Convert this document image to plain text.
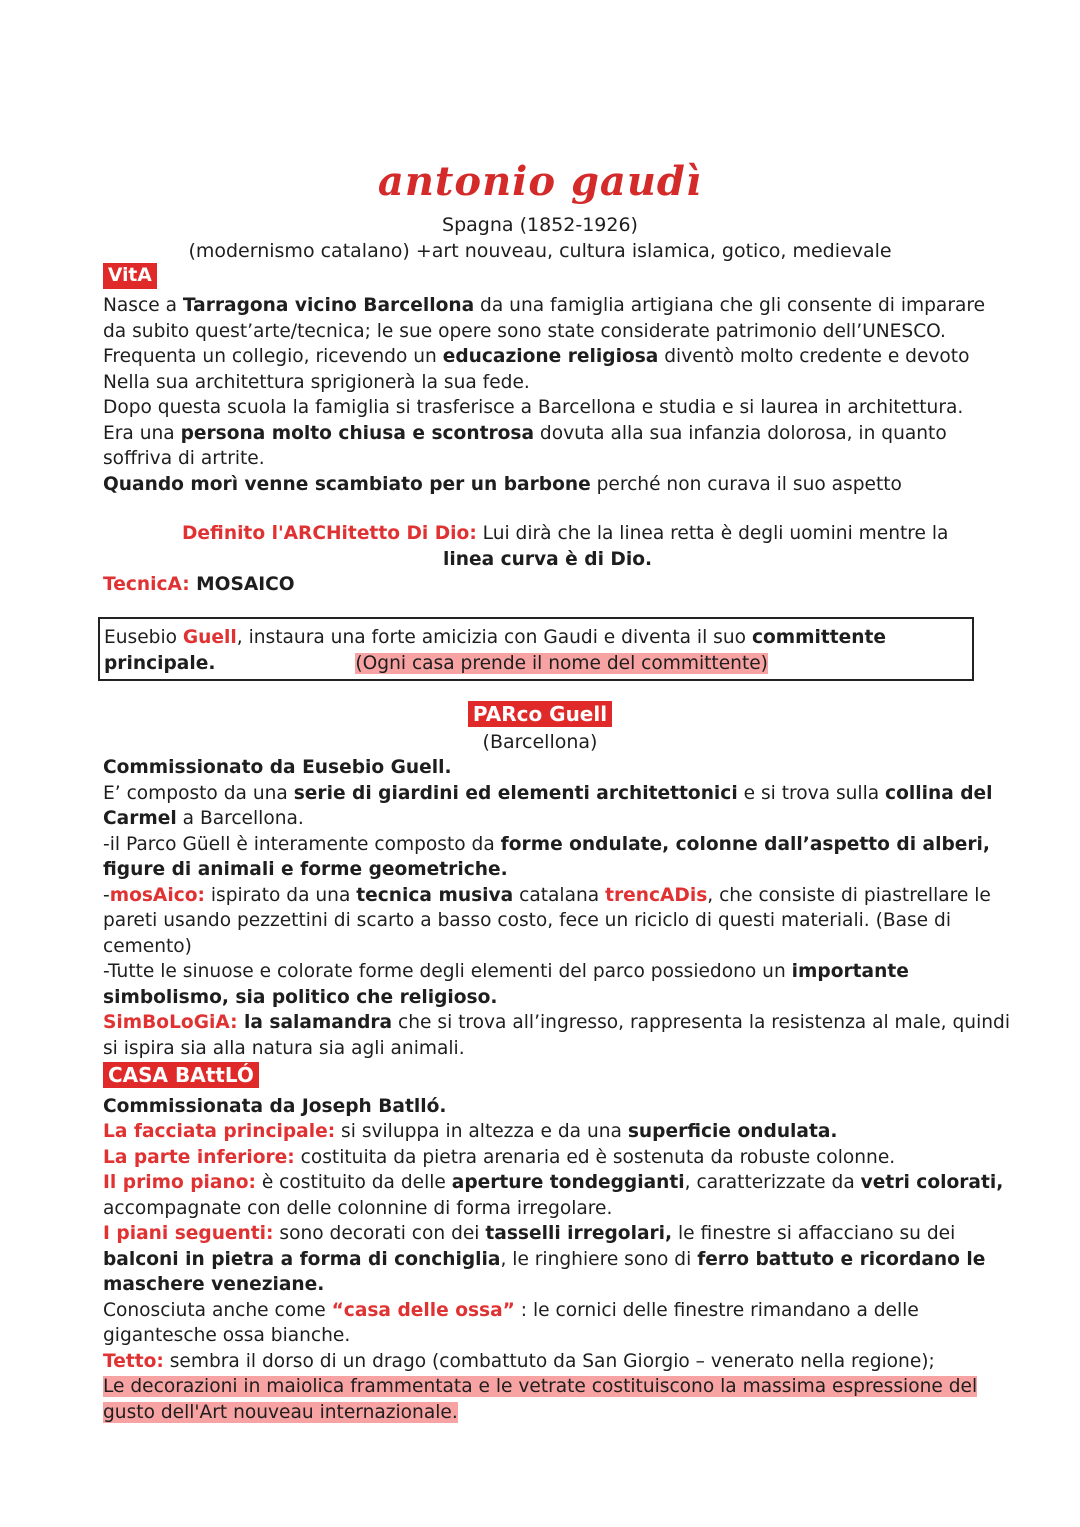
antonio gaudì
Spagna (1852-1926)
(modernismo catalano) +art nouveau, cultura islamica, gotico, medievale
VitA
Nasce a Tarragona vicino Barcellona da una famiglia artigiana che gli consente di imparare
da subito quest’arte/tecnica; le sue opere sono state considerate patrimonio dell’UNESCO.
Frequenta un collegio, ricevendo un educazione religiosa diventò molto credente e devoto
Nella sua architettura sprigionerà la sua fede.
Dopo questa scuola la famiglia si trasferisce a Barcellona e studia e si laurea in architettura.
Era una persona molto chiusa e scontrosa dovuta alla sua infanzia dolorosa, in quanto
soffriva di artrite.
Quando morì venne scambiato per un barbone perché non curava il suo aspetto
Definito l'ARCHitetto Di Dio: Lui dirà che la linea retta è degli uomini mentre la
linea curva è di Dio.
TecnicA: MOSAICO
Eusebio Guell, instaura una forte amicizia con Gaudi e diventa il suo committente
principale.	(Ogni casa prende il nome del committente)
PARco Guell
(Barcellona)
Commissionato da Eusebio Guell.
E’ composto da una serie di giardini ed elementi architettonici e si trova sulla collina del
Carmel a Barcellona.
-il Parco Güell è interamente composto da forme ondulate, colonne dall’aspetto di alberi,
figure di animali e forme geometriche.
-mosAico: ispirato da una tecnica musiva catalana trencADis, che consiste di piastrellare le
pareti usando pezzettini di scarto a basso costo, fece un riciclo di questi materiali. (Base di
cemento)
-Tutte le sinuose e colorate forme degli elementi del parco possiedono un importante
simbolismo, sia politico che religioso.
SimBoLoGiA: la salamandra che si trova all’ingresso, rappresenta la resistenza al male, quindi
si ispira sia alla natura sia agli animali.
CASA BAttLÓ
Commissionata da Joseph Batlló.
La facciata principale: si sviluppa in altezza e da una superficie ondulata.
La parte inferiore: costituita da pietra arenaria ed è sostenuta da robuste colonne.
Il primo piano: è costituito da delle aperture tondeggianti, caratterizzate da vetri colorati,
accompagnate con delle colonnine di forma irregolare.
I piani seguenti: sono decorati con dei tasselli irregolari, le finestre si affacciano su dei
balconi in pietra a forma di conchiglia, le ringhiere sono di ferro battuto e ricordano le
maschere veneziane.
Conosciuta anche come “casa delle ossa” : le cornici delle finestre rimandano a delle
gigantesche ossa bianche.
Tetto: sembra il dorso di un drago (combattuto da San Giorgio – venerato nella regione);
Le decorazioni in maiolica frammentata e le vetrate costituiscono la massima espressione del
gusto dell'Art nouveau internazionale.
